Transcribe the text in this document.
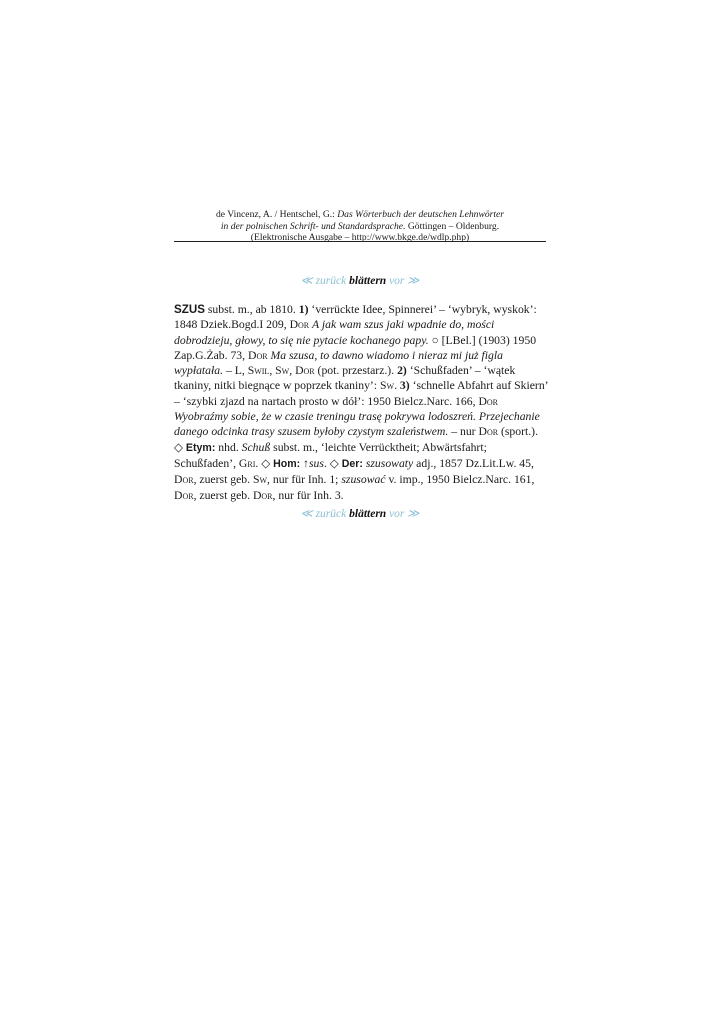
de Vincenz, A. / Hentschel, G.: Das Wörterbuch der deutschen Lehnwörter
in der polnischen Schrift- und Standardsprache. Göttingen – Oldenburg.
(Elektronische Ausgabe – http://www.bkge.de/wdlp.php)
≪ zurück blättern vor ≫
SZUS subst. m., ab 1810. 1) ‘verrückte Idee, Spinnerei’ – ‘wybryk, wyskok’: 1848 Dziek.Bogd.I 209, Dor A jak wam szus jaki wpadnie do, mości dobrodzieju, głowy, to się nie pytacie kochanego papy. ○ [LBel.] (1903) 1950 Zap.G.Żab. 73, Dor Ma szusa, to dawno wiadomo i nieraz mi już figla wypłatała. – L, Swil, Sw, Dor (pot. przestarz.). 2) ‘Schußfaden’ – ‘wątek tkaniny, nitki biegnące w poprzek tkaniny’: Sw. 3) ‘schnelle Abfahrt auf Skiern’ – ‘szybki zjazd na nartach prosto w dół’: 1950 Bielcz.Narc. 166, Dor Wyobraźmy sobie, że w czasie treningu trasę pokrywa lodoszreń. Przejechanie danego odcinka trasy szusem byłoby czystym szaleństwem. – nur Dor (sport.). ◇ Etym: nhd. Schuß subst. m., ‘leichte Verrücktheit; Abwärtsfahrt; Schußfaden’, Gri. ◇ Hom: ↑sus. ◇ Der: szusowaty adj., 1857 Dz.Lit.Lw. 45, Dor, zuerst geb. Sw, nur für Inh. 1; szusować v. imp., 1950 Bielcz.Narc. 161, Dor, zuerst geb. Dor, nur für Inh. 3.
≪ zurück blättern vor ≫
